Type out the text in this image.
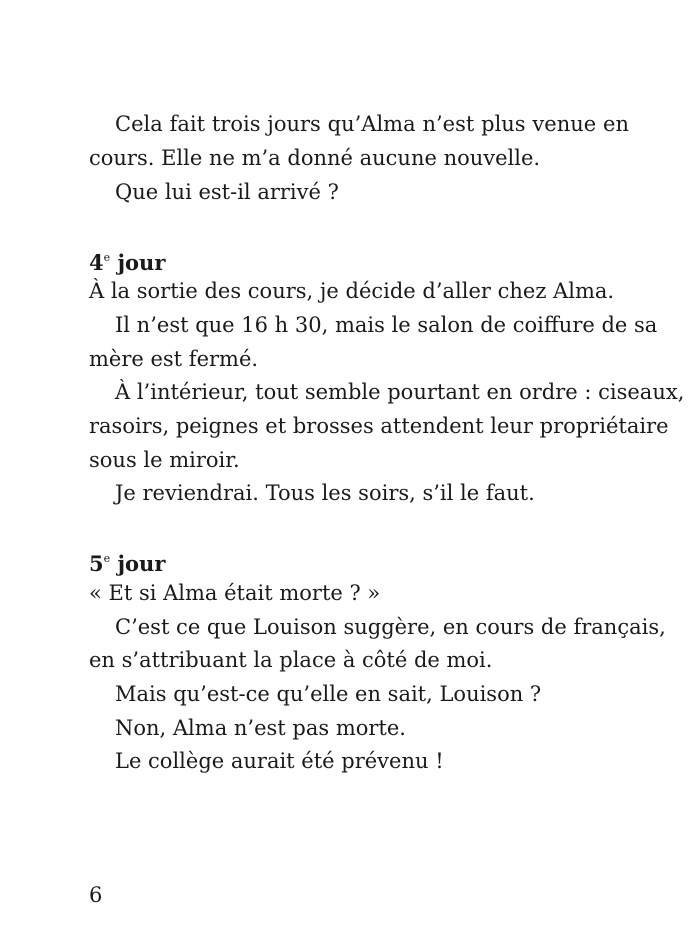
Cela fait trois jours qu’Alma n’est plus venue en
cours. Elle ne m’a donné aucune nouvelle.
Que lui est-il arrivé ?
4e jour
À la sortie des cours, je décide d’aller chez Alma.
Il n’est que 16 h 30, mais le salon de coiffure de sa
mère est fermé.
À l’intérieur, tout semble pourtant en ordre : ciseaux,
rasoirs, peignes et brosses attendent leur propriétaire
sous le miroir.
Je reviendrai. Tous les soirs, s’il le faut.
5e jour
« Et si Alma était morte ? »
C’est ce que Louison suggère, en cours de français,
en s’attribuant la place à côté de moi.
Mais qu’est-ce qu’elle en sait, Louison ?
Non, Alma n’est pas morte.
Le collège aurait été prévenu !
6
